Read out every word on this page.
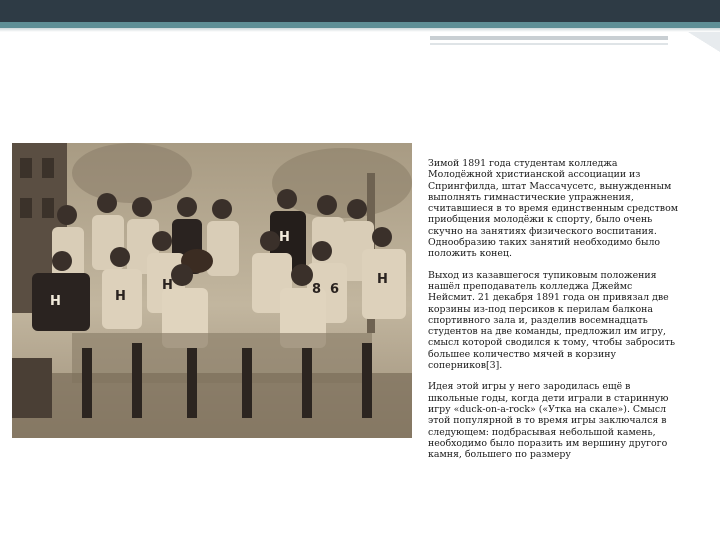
H
H
H
H	H
8 6

Зимой 1891 года студентам колледжа Молодёжной христианской ассоциации из Спрингфилда, штат Массачусетс, вынужденным выполнять гимнастические упражнения, считавшиеся в то время единственным средством приобщения молодёжи к спорту, было очень скучно на занятиях физического воспитания. Однообразию таких занятий необходимо было положить конец.

Выход из казавшегося тупиковым положения нашёл преподаватель колледжа Джеймс Нейсмит. 21 декабря 1891 года он привязал две корзины из-под персиков к перилам балкона спортивного зала и, разделив восемнадцать студентов на две команды, предложил им игру, смысл которой сводился к тому, чтобы забросить большее количество мячей в корзину соперников[3].

Идея этой игры у него зародилась ещё в школьные годы, когда дети играли в старинную игру «duck-on-a-rock» («Утка на скале»). Смысл этой популярной в то время игры заключался в следующем: подбрасывая небольшой камень, необходимо было поразить им вершину другого камня, большего по размеру
